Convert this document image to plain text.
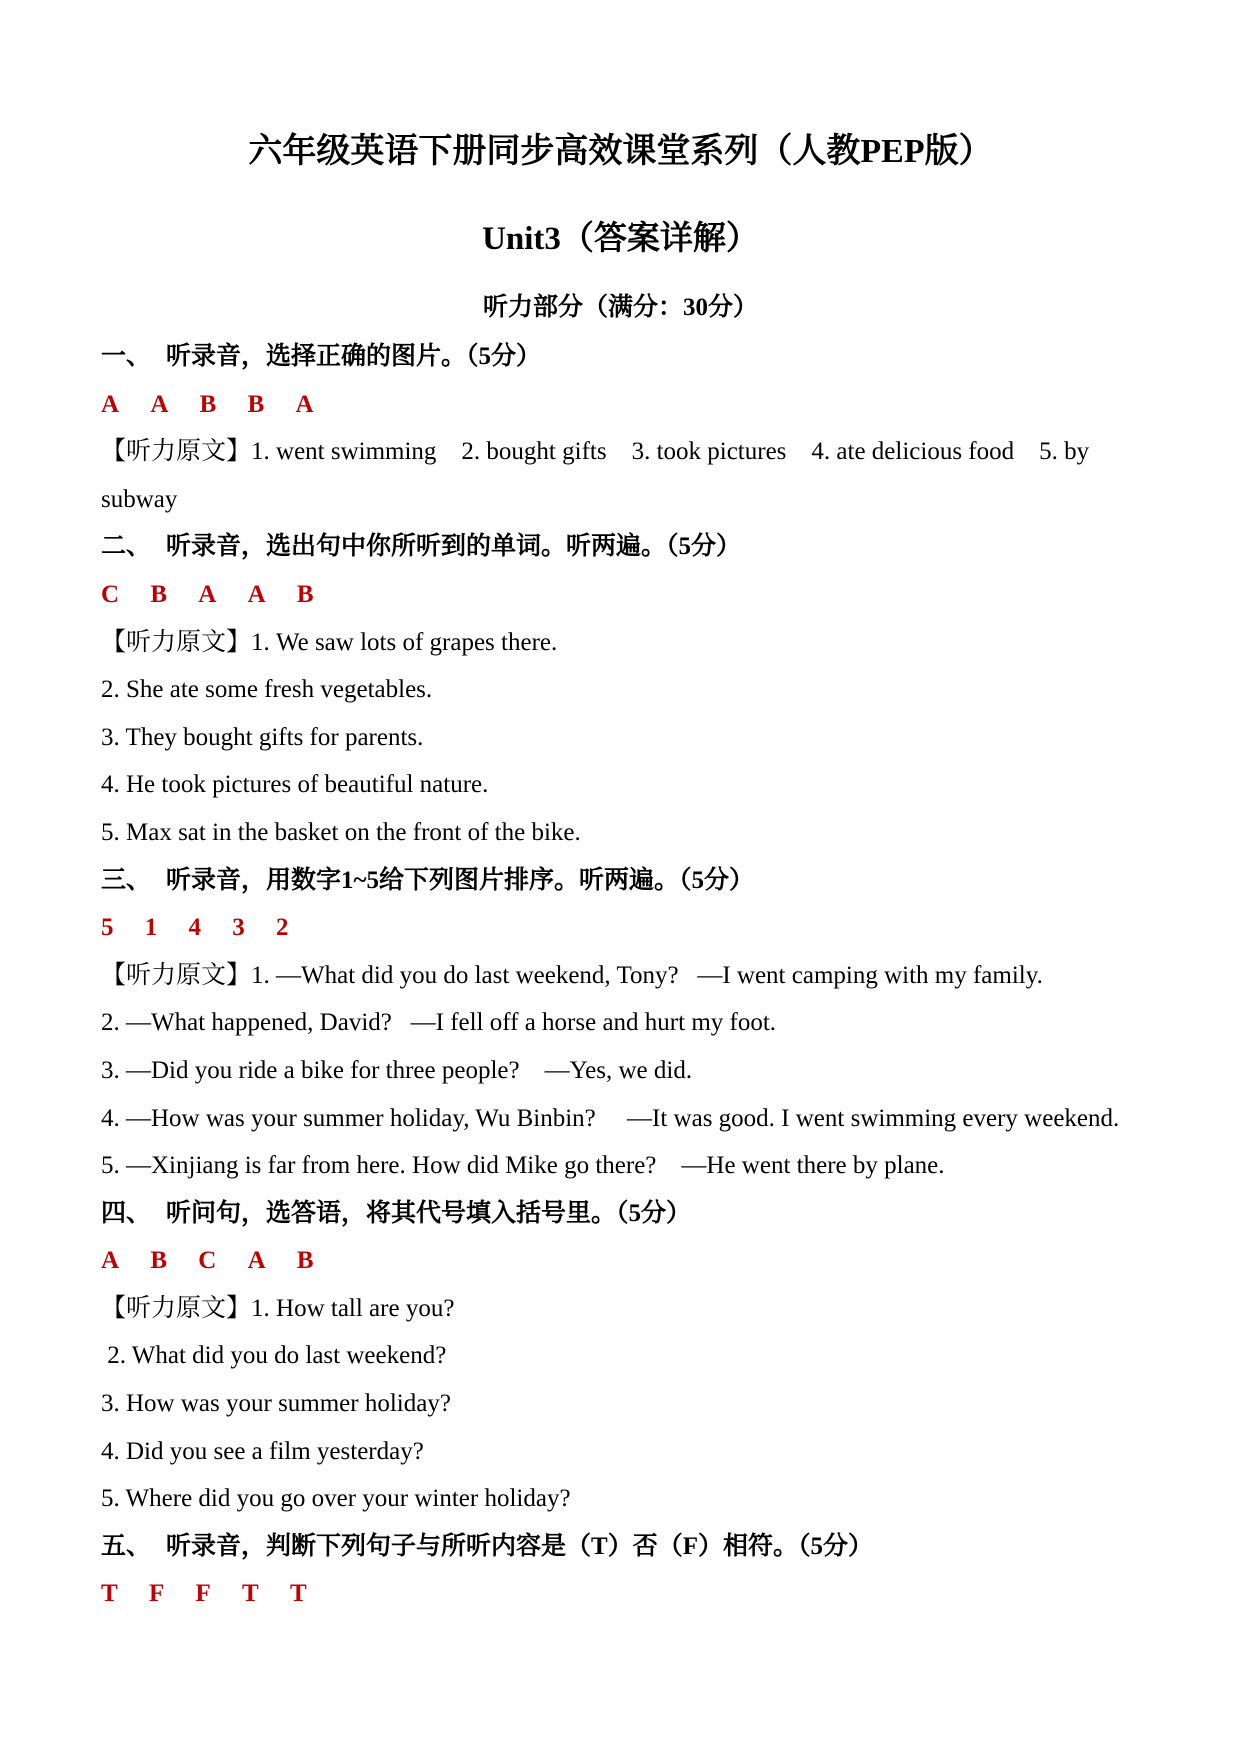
六年级英语下册同步高效课堂系列（人教PEP版）
Unit3（答案详解）
听力部分（满分：30分）
一、 听录音，选择正确的图片。（5分）
A A B B A
【听力原文】1. went swimming    2. bought gifts    3. took pictures    4. ate delicious food    5. by subway
二、 听录音，选出句中你所听到的单词。听两遍。（5分）
C B A A B
【听力原文】1. We saw lots of grapes there.
2. She ate some fresh vegetables.
3. They bought gifts for parents.
4. He took pictures of beautiful nature.
5. Max sat in the basket on the front of the bike.
三、 听录音，用数字1~5给下列图片排序。听两遍。（5分）
5 1 4 3 2
【听力原文】1. —What did you do last weekend, Tony?   —I went camping with my family.
2. —What happened, David?   —I fell off a horse and hurt my foot.
3. —Did you ride a bike for three people?    —Yes, we did.
4. —How was your summer holiday, Wu Binbin?     —It was good. I went swimming every weekend.
5. —Xinjiang is far from here. How did Mike go there?    —He went there by plane.
四、 听问句，选答语，将其代号填入括号里。（5分）
A B C A B
【听力原文】1. How tall are you?
2. What did you do last weekend?
3. How was your summer holiday?
4. Did you see a film yesterday?
5. Where did you go over your winter holiday?
五、 听录音，判断下列句子与所听内容是（T）否（F）相符。（5分）
T F F T T
